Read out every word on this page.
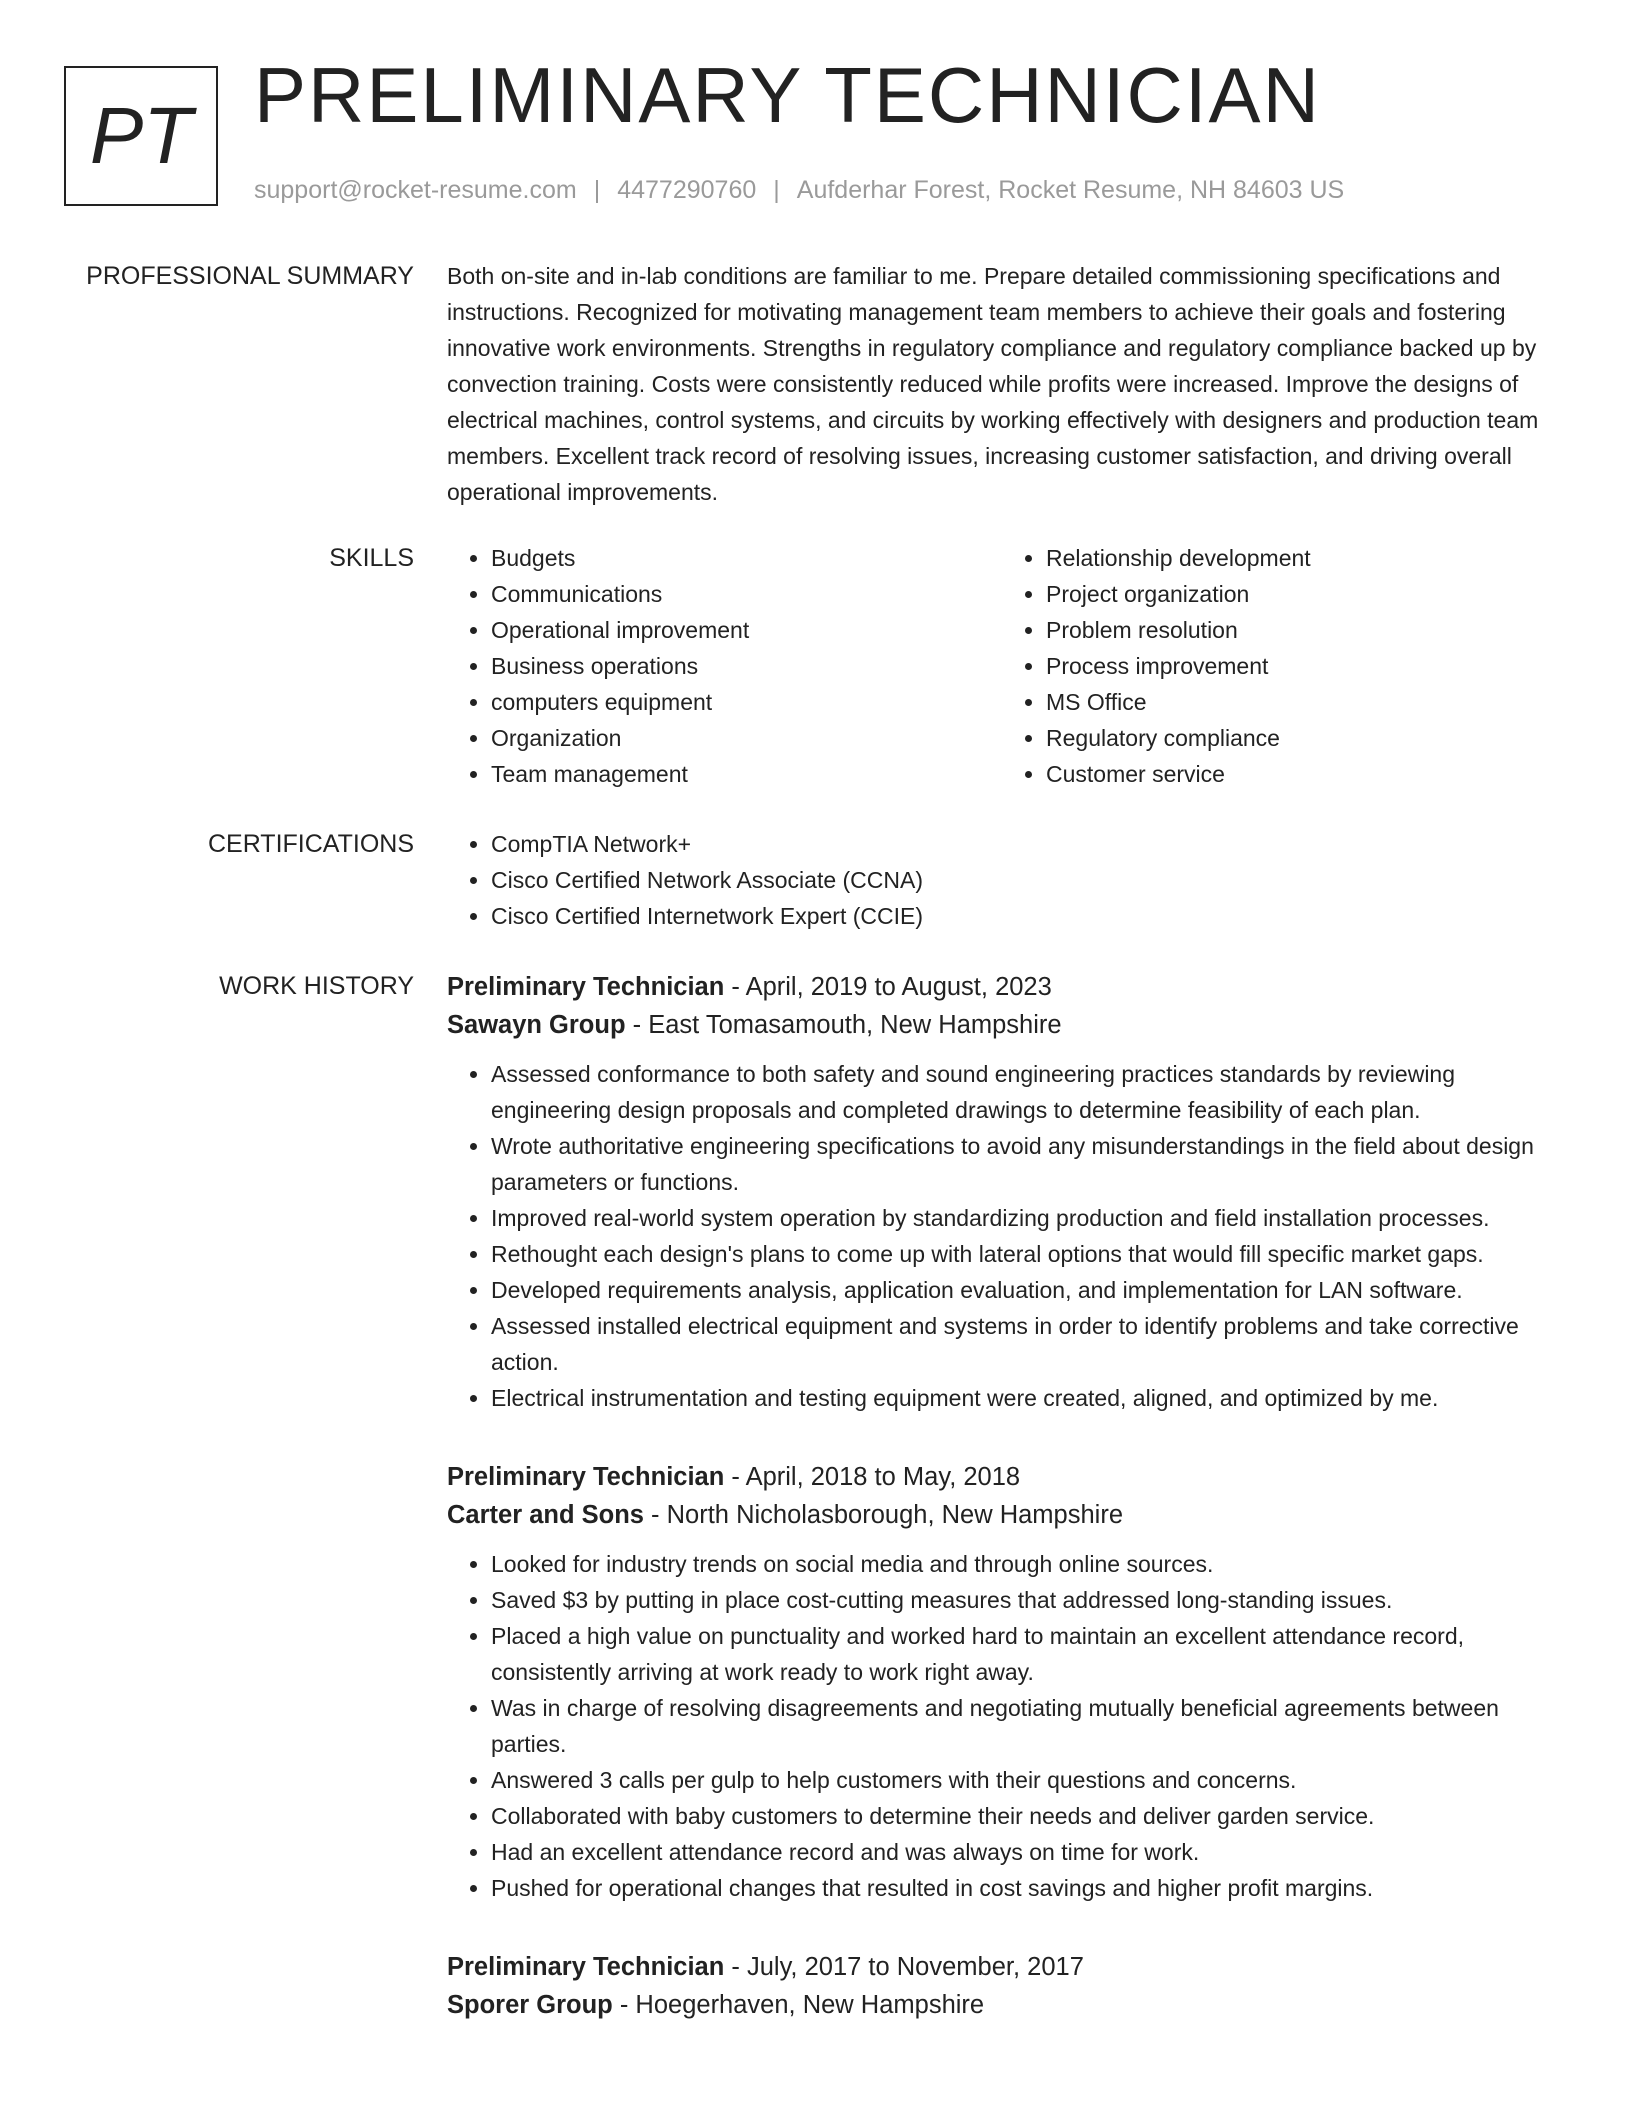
PT PRELIMINARY TECHNICIAN
support@rocket-resume.com | 4477290760 | Aufderhar Forest, Rocket Resume, NH 84603 US
PROFESSIONAL SUMMARY Both on-site and in-lab conditions are familiar to me. Prepare detailed commissioning specifications and instructions. Recognized for motivating management team members to achieve their goals and fostering innovative work environments. Strengths in regulatory compliance and regulatory compliance backed up by convection training. Costs were consistently reduced while profits were increased. Improve the designs of electrical machines, control systems, and circuits by working effectively with designers and production team members. Excellent track record of resolving issues, increasing customer satisfaction, and driving overall operational improvements.
SKILLS	• Budgets
• Communications
• Operational improvement
• Business operations
• computers equipment
• Organization
• Team management
• Relationship development
• Project organization
• Problem resolution
• Process improvement
• MS Office
• Regulatory compliance
• Customer service
CERTIFICATIONS	• CompTIA Network+
• Cisco Certified Network Associate (CCNA)
• Cisco Certified Internetwork Expert (CCIE)
WORK HISTORY Preliminary Technician - April, 2019 to August, 2023
Sawayn Group - East Tomasamouth, New Hampshire
• Assessed conformance to both safety and sound engineering practices standards by reviewing engineering design proposals and completed drawings to determine feasibility of each plan.
• Wrote authoritative engineering specifications to avoid any misunderstandings in the field about design parameters or functions.
• Improved real-world system operation by standardizing production and field installation processes.
• Rethought each design's plans to come up with lateral options that would fill specific market gaps.
• Developed requirements analysis, application evaluation, and implementation for LAN software.
• Assessed installed electrical equipment and systems in order to identify problems and take corrective action.
• Electrical instrumentation and testing equipment were created, aligned, and optimized by me.
Preliminary Technician - April, 2018 to May, 2018
Carter and Sons - North Nicholasborough, New Hampshire
• Looked for industry trends on social media and through online sources.
• Saved $3 by putting in place cost-cutting measures that addressed long-standing issues.
• Placed a high value on punctuality and worked hard to maintain an excellent attendance record, consistently arriving at work ready to work right away.
• Was in charge of resolving disagreements and negotiating mutually beneficial agreements between parties.
• Answered 3 calls per gulp to help customers with their questions and concerns.
• Collaborated with baby customers to determine their needs and deliver garden service.
• Had an excellent attendance record and was always on time for work.
• Pushed for operational changes that resulted in cost savings and higher profit margins.
Preliminary Technician - July, 2017 to November, 2017
Sporer Group - Hoegerhaven, New Hampshire
